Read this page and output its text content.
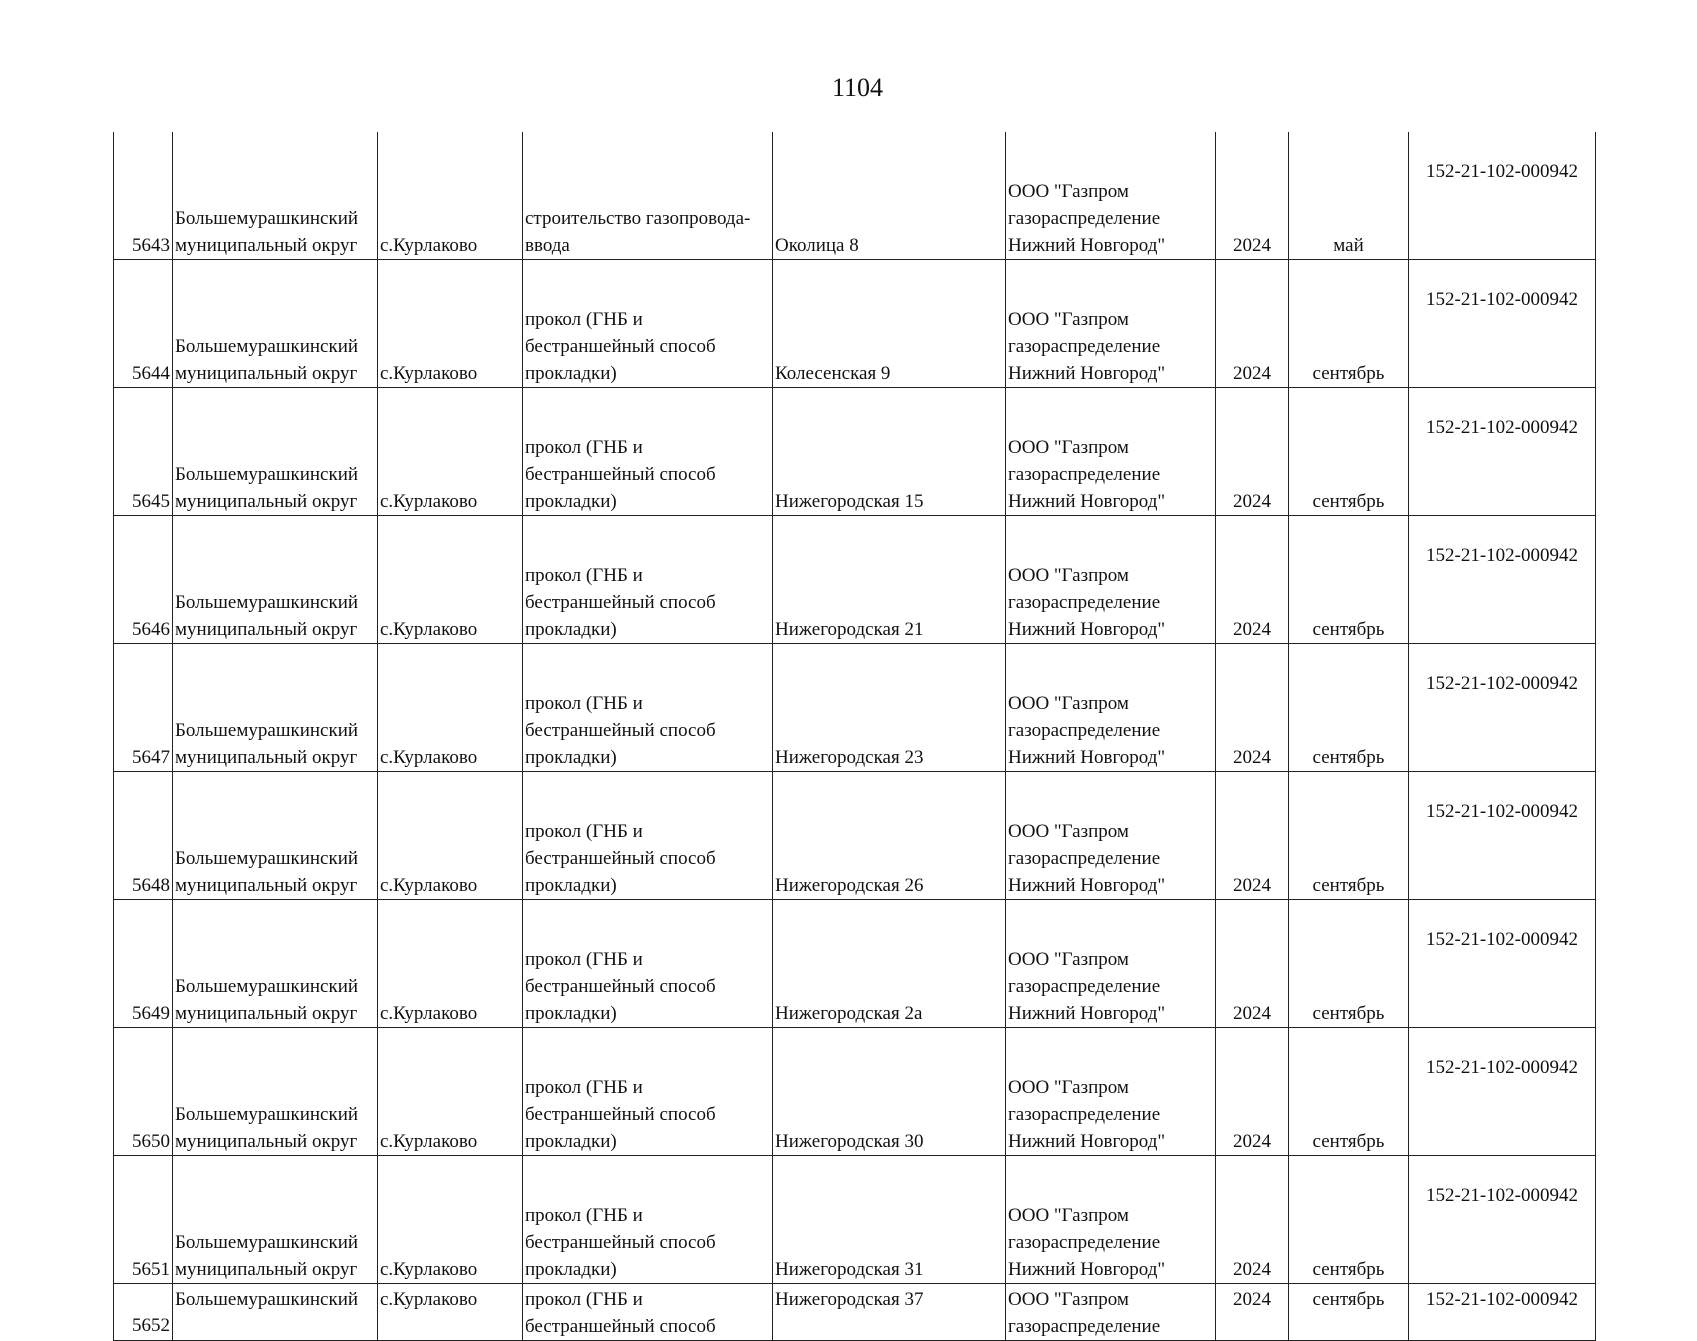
1104
5643	Большемурашкинский
муниципальный округ	с.Курлаково	строительство газопровода-
ввода	Околица 8	ООО "Газпром
газораспределение
Нижний Новгород"	2024	май	152-21-102-000942
5644	Большемурашкинский
муниципальный округ	с.Курлаково	прокол (ГНБ и
бестраншейный способ
прокладки)	Колесенская 9	ООО "Газпром
газораспределение
Нижний Новгород"	2024	сентябрь	152-21-102-000942
5645	Большемурашкинский
муниципальный округ	с.Курлаково	прокол (ГНБ и
бестраншейный способ
прокладки)	Нижегородская 15	ООО "Газпром
газораспределение
Нижний Новгород"	2024	сентябрь	152-21-102-000942
5646	Большемурашкинский
муниципальный округ	с.Курлаково	прокол (ГНБ и
бестраншейный способ
прокладки)	Нижегородская 21	ООО "Газпром
газораспределение
Нижний Новгород"	2024	сентябрь	152-21-102-000942
5647	Большемурашкинский
муниципальный округ	с.Курлаково	прокол (ГНБ и
бестраншейный способ
прокладки)	Нижегородская 23	ООО "Газпром
газораспределение
Нижний Новгород"	2024	сентябрь	152-21-102-000942
5648	Большемурашкинский
муниципальный округ	с.Курлаково	прокол (ГНБ и
бестраншейный способ
прокладки)	Нижегородская 26	ООО "Газпром
газораспределение
Нижний Новгород"	2024	сентябрь	152-21-102-000942
5649	Большемурашкинский
муниципальный округ	с.Курлаково	прокол (ГНБ и
бестраншейный способ
прокладки)	Нижегородская 2а	ООО "Газпром
газораспределение
Нижний Новгород"	2024	сентябрь	152-21-102-000942
5650	Большемурашкинский
муниципальный округ	с.Курлаково	прокол (ГНБ и
бестраншейный способ
прокладки)	Нижегородская 30	ООО "Газпром
газораспределение
Нижний Новгород"	2024	сентябрь	152-21-102-000942
5651	Большемурашкинский
муниципальный округ	с.Курлаково	прокол (ГНБ и
бестраншейный способ
прокладки)	Нижегородская 31	ООО "Газпром
газораспределение
Нижний Новгород"	2024	сентябрь	152-21-102-000942
5652	Большемурашкинский	с.Курлаково	прокол (ГНБ и
бестраншейный способ	Нижегородская 37	ООО "Газпром
газораспределение	2024	сентябрь	152-21-102-000942
